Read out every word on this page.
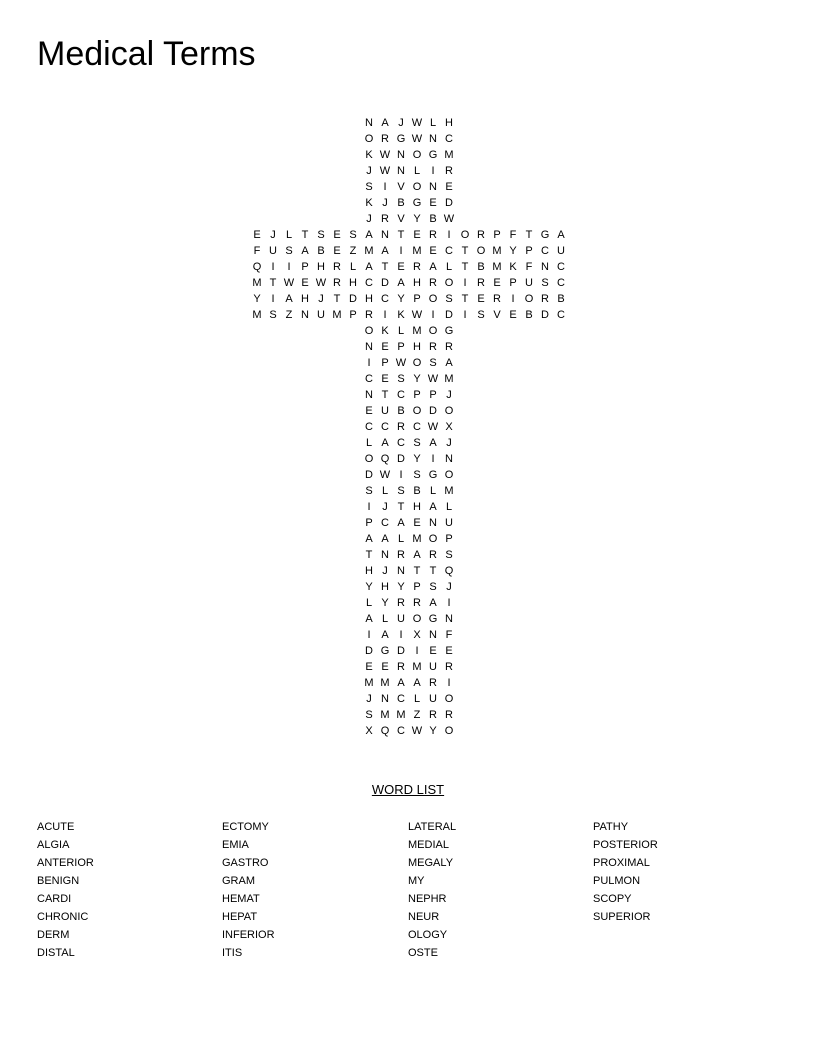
Medical Terms
N A J W L H
O R G W N C
K W N O G M
J W N L	I R
S I V O N E
K J B G E D
J R V Y B W
E J L T S E S A N T E R I O R P F T G A
F U S A B E Z M A I M E C T O M Y P C U
Q I	I P H R L A T E R A L T B M K F N C
M T W E W R H C D A H R O I R E P U S C
Y I A H J T D H C Y P O S T E R I O R B
M S Z N U M P R I K W I D I S V E B D C
O K L M O G
N E P H R R
I P W O S A
C E S Y W M
N T C P P J
E U B O D O
C C R C W X
L A C S A J
O Q D Y I N
D W I S G O
S L S B L M
I	J T H A L
P C A E N U
A A L M O P
T N R A R S
H J N T T Q
Y H Y P S J
L Y R R A I
A L U O G N
I A I X N F
D G D I E E
E E R M U R
M M A A R I
J N C L U O
S M M Z R R
X Q C W Y O
WORD LIST
ACUTE
ALGIA
ANTERIOR
BENIGN
CARDI
CHRONIC
DERM
DISTAL
ECTOMY
EMIA
GASTRO
GRAM
HEMAT
HEPAT
INFERIOR
ITIS
LATERAL
MEDIAL
MEGALY
MY
NEPHR
NEUR
OLOGY
OSTE
PATHY
POSTERIOR
PROXIMAL
PULMON
SCOPY
SUPERIOR
